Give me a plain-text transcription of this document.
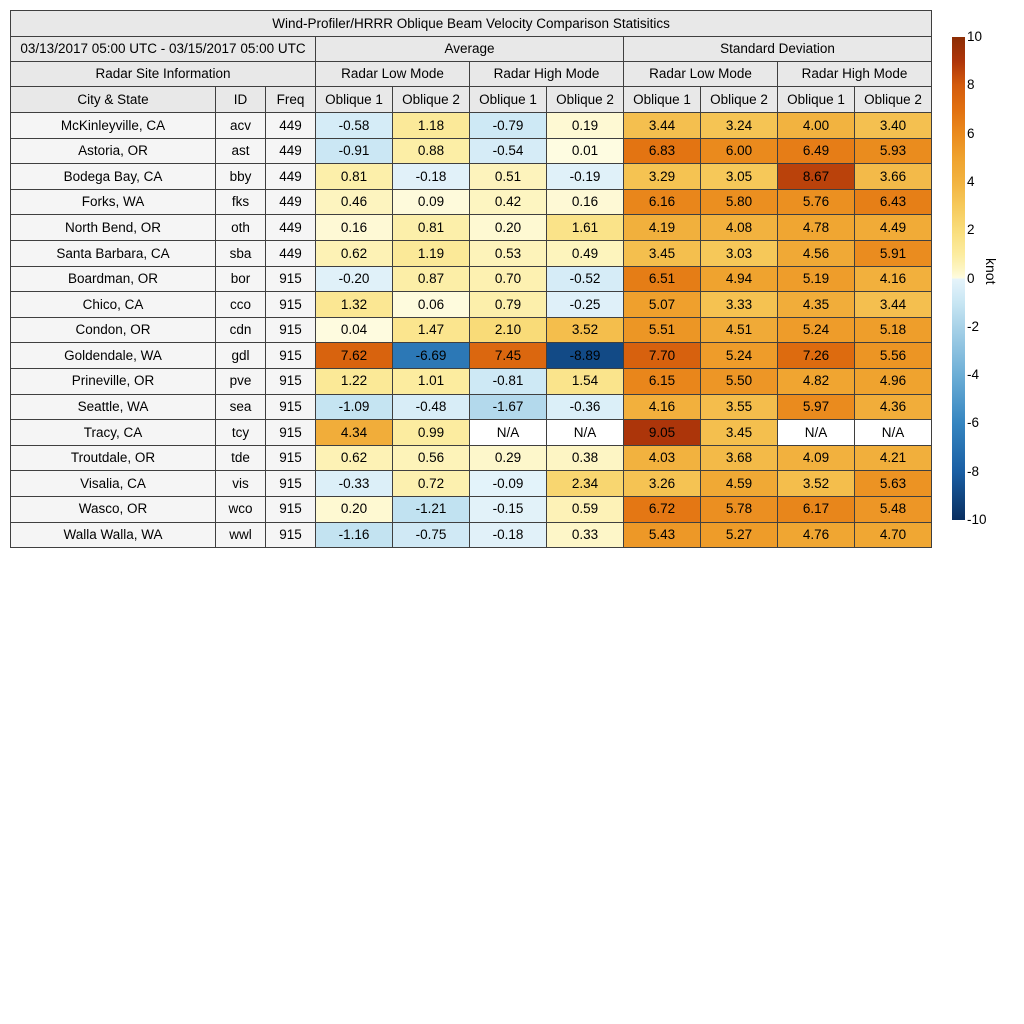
Wind-Profiler/HRRR Oblique Beam Velocity Comparison Statisitics										
03/13/2017 05:00 UTC - 03/15/2017 05:00 UTC			Average				Standard Deviation			
Radar Site Information			Radar Low Mode		Radar High Mode		Radar Low Mode		Radar High Mode	
City & State	ID	Freq	Oblique 1	Oblique 2	Oblique 1	Oblique 2	Oblique 1	Oblique 2	Oblique 1	Oblique 2
McKinleyville, CA	acv	449	-0.58	1.18	-0.79	0.19	3.44	3.24	4.00	3.40
Astoria, OR	ast	449	-0.91	0.88	-0.54	0.01	6.83	6.00	6.49	5.93
Bodega Bay, CA	bby	449	0.81	-0.18	0.51	-0.19	3.29	3.05	8.67	3.66
Forks, WA	fks	449	0.46	0.09	0.42	0.16	6.16	5.80	5.76	6.43
North Bend, OR	oth	449	0.16	0.81	0.20	1.61	4.19	4.08	4.78	4.49
Santa Barbara, CA	sba	449	0.62	1.19	0.53	0.49	3.45	3.03	4.56	5.91
Boardman, OR	bor	915	-0.20	0.87	0.70	-0.52	6.51	4.94	5.19	4.16
Chico, CA	cco	915	1.32	0.06	0.79	-0.25	5.07	3.33	4.35	3.44
Condon, OR	cdn	915	0.04	1.47	2.10	3.52	5.51	4.51	5.24	5.18
Goldendale, WA	gdl	915	7.62	-6.69	7.45	-8.89	7.70	5.24	7.26	5.56
Prineville, OR	pve	915	1.22	1.01	-0.81	1.54	6.15	5.50	4.82	4.96
Seattle, WA	sea	915	-1.09	-0.48	-1.67	-0.36	4.16	3.55	5.97	4.36
Tracy, CA	tcy	915	4.34	0.99	N/A	N/A	9.05	3.45	N/A	N/A
Troutdale, OR	tde	915	0.62	0.56	0.29	0.38	4.03	3.68	4.09	4.21
Visalia, CA	vis	915	-0.33	0.72	-0.09	2.34	3.26	4.59	3.52	5.63
Wasco, OR	wco	915	0.20	-1.21	-0.15	0.59	6.72	5.78	6.17	5.48
Walla Walla, WA	wwl	915	-1.16	-0.75	-0.18	0.33	5.43	5.27	4.76	4.70
10
8
6
4
2
0
-2
-4
-6
-8
-10
knot
